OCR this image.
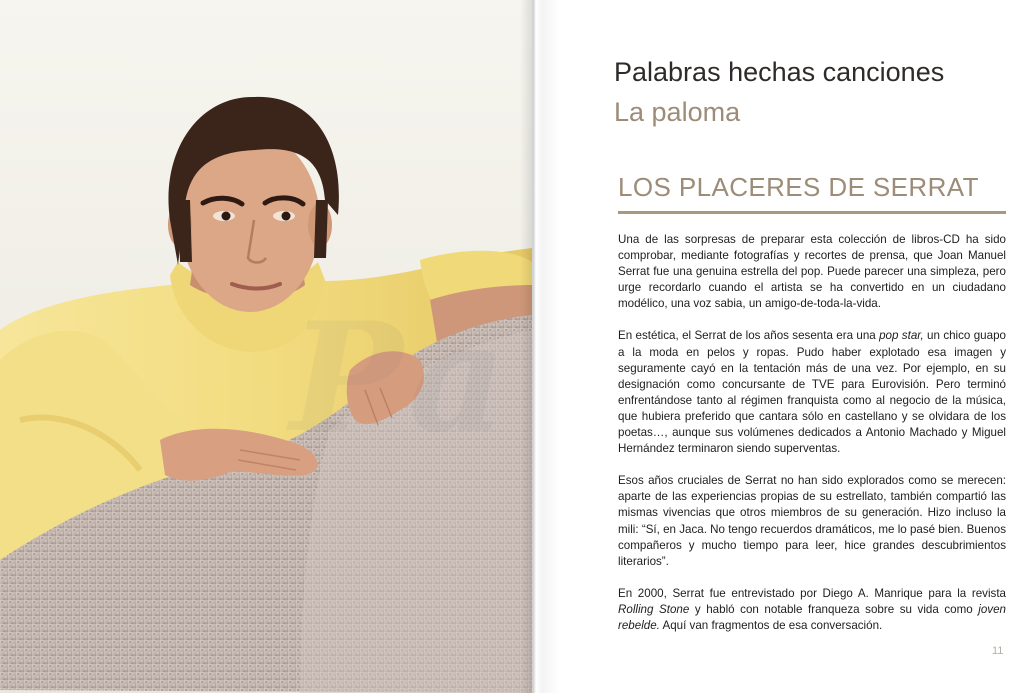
Palabras hechas canciones
La paloma
LOS PLACERES DE SERRAT

Una de las sorpresas de preparar esta colección de libros-CD ha sido comprobar, mediante fotografías y recortes de prensa, que Joan Manuel Serrat fue una genuina estrella del pop. Puede parecer una simpleza, pero urge recordarlo cuando el artista se ha convertido en un ciudadano modélico, una voz sabia, un amigo-de-toda-la-vida.

En estética, el Serrat de los años sesenta era una pop star, un chico guapo a la moda en pelos y ropas. Pudo haber explotado esa imagen y seguramente cayó en la tentación más de una vez. Por ejemplo, en su designación como concursante de TVE para Eurovisión. Pero terminó enfrentándose tanto al régimen franquista como al negocio de la música, que hubiera preferido que cantara sólo en castellano y se olvidara de los poetas…, aunque sus volúmenes dedicados a Antonio Machado y Miguel Hernández terminaron siendo superventas.

Esos años cruciales de Serrat no han sido explorados como se merecen: aparte de las experiencias propias de su estrellato, también compartió las mismas vivencias que otros miembros de su generación. Hizo incluso la mili: “Sí, en Jaca. No tengo recuerdos dramáticos, me lo pasé bien. Buenos compañeros y mucho tiempo para leer, hice grandes descubrimientos literarios”.

En 2000, Serrat fue entrevistado por Diego A. Manrique para la revista Rolling Stone y habló con notable franqueza sobre su vida como joven rebelde. Aquí van fragmentos de esa conversación.

11
